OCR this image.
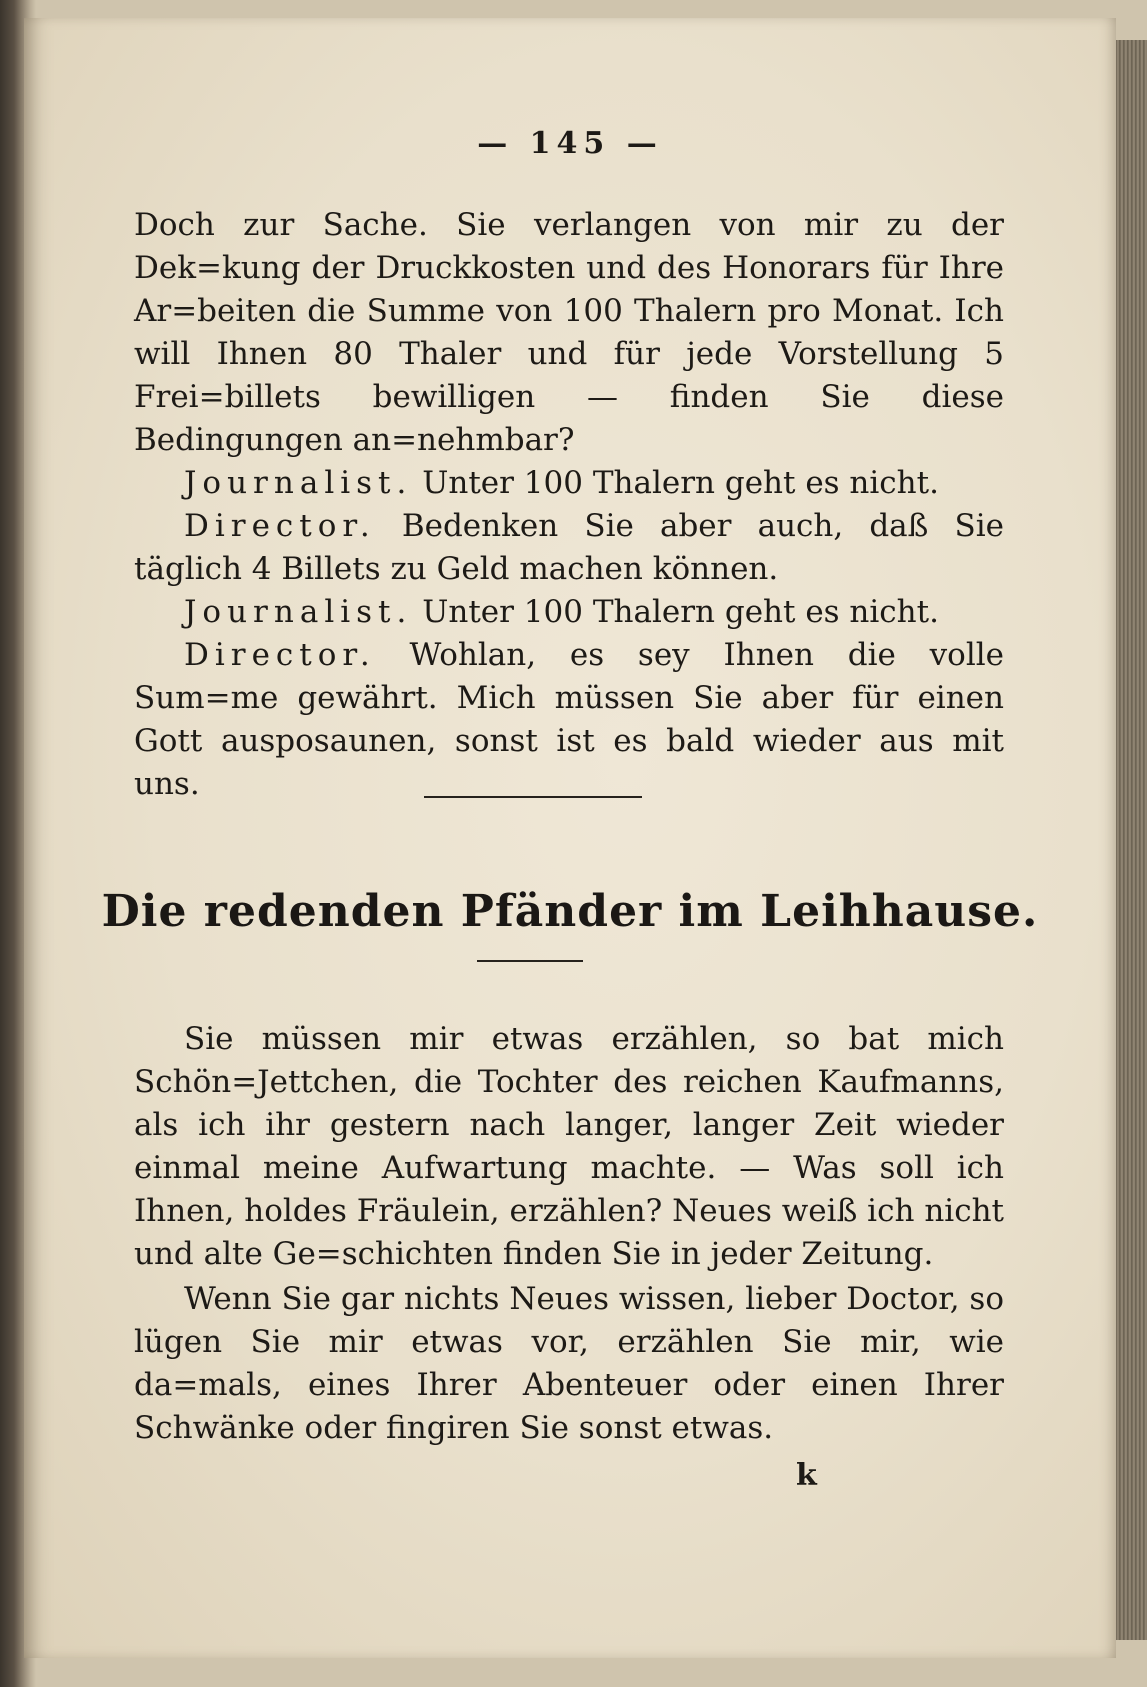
— 145 —
Doch zur Sache. Sie verlangen von mir zu der Dek=kung der Druckkosten und des Honorars für Ihre Ar=beiten die Summe von 100 Thalern pro Monat. Ich will Ihnen 80 Thaler und für jede Vorstellung 5 Frei=billets bewilligen — finden Sie diese Bedingungen an=nehmbar?
Journalist. Unter 100 Thalern geht es nicht.
Director. Bedenken Sie aber auch, daß Sie täglich 4 Billets zu Geld machen können.
Journalist. Unter 100 Thalern geht es nicht.
Director. Wohlan, es sey Ihnen die volle Sum=me gewährt. Mich müssen Sie aber für einen Gott ausposaunen, sonst ist es bald wieder aus mit uns.
Die redenden Pfänder im Leihhause.
Sie müssen mir etwas erzählen, so bat mich Schön=Jettchen, die Tochter des reichen Kaufmanns, als ich ihr gestern nach langer, langer Zeit wieder einmal meine Aufwartung machte. — Was soll ich Ihnen, holdes Fräulein, erzählen? Neues weiß ich nicht und alte Ge=schichten finden Sie in jeder Zeitung.
Wenn Sie gar nichts Neues wissen, lieber Doctor, so lügen Sie mir etwas vor, erzählen Sie mir, wie da=mals, eines Ihrer Abenteuer oder einen Ihrer Schwänke oder fingiren Sie sonst etwas.
k
